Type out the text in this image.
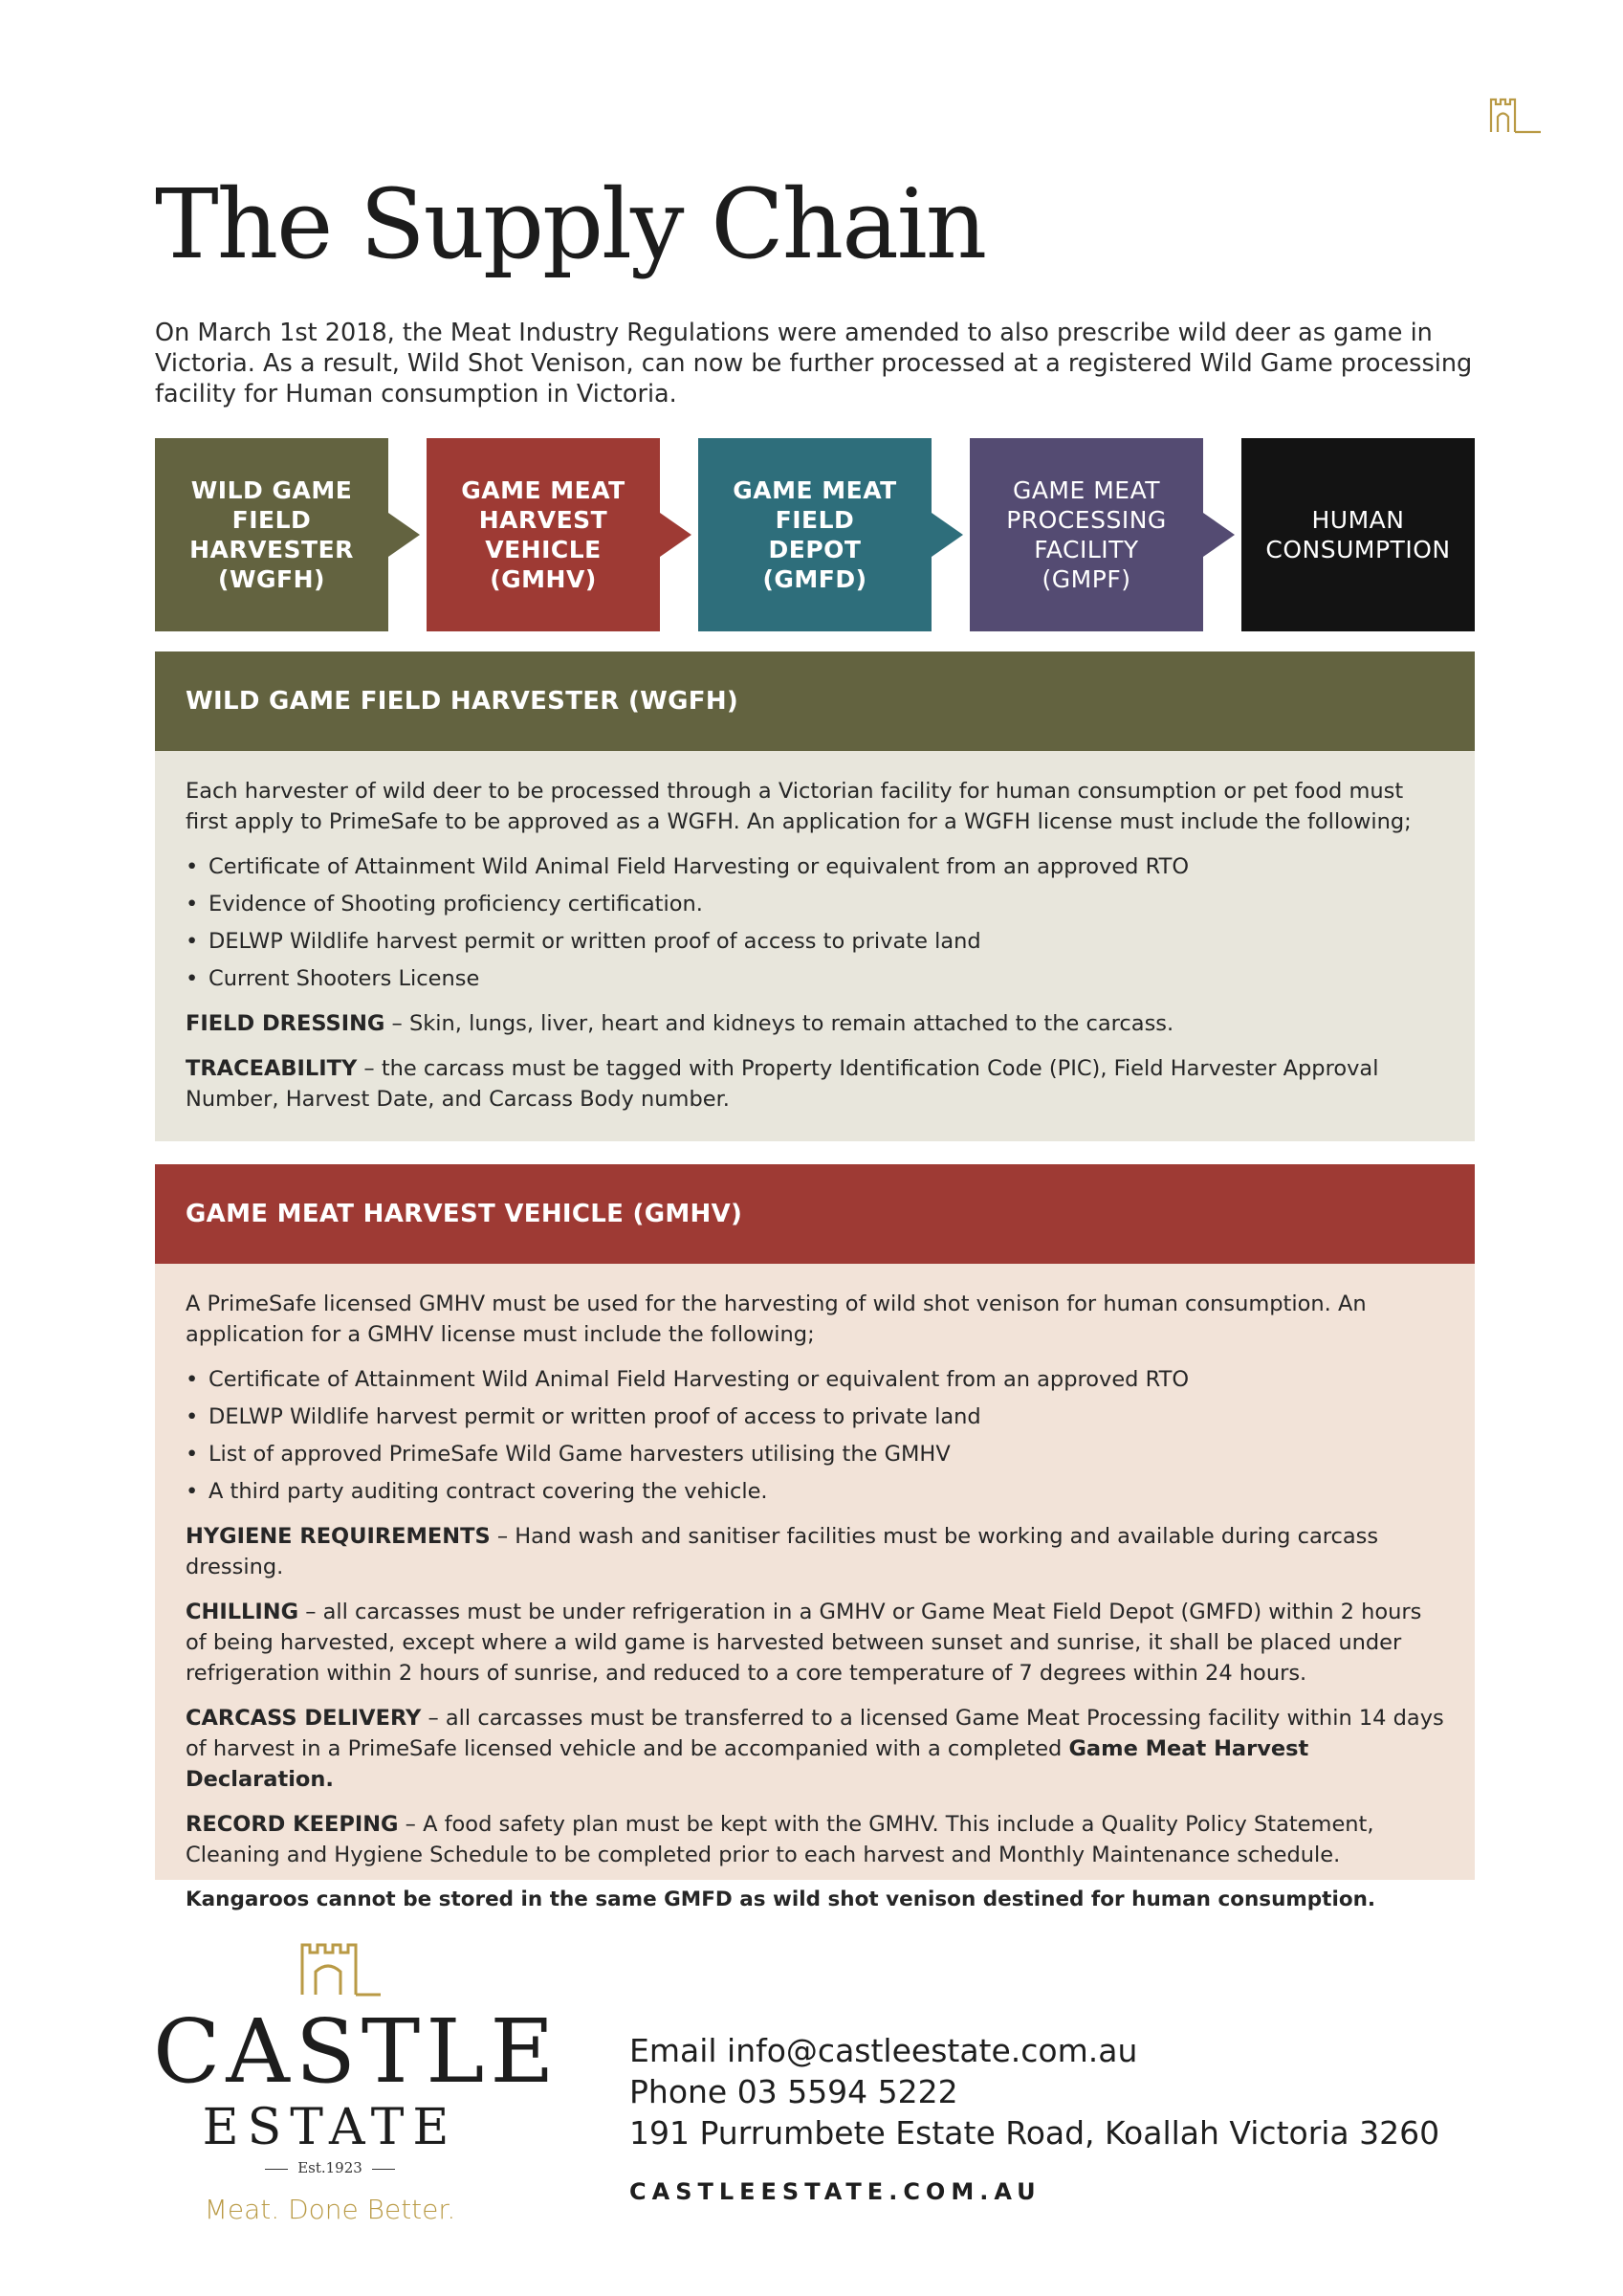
The Supply Chain

On March 1st 2018, the Meat Industry Regulations were amended to also prescribe wild deer as game in Victoria. As a result, Wild Shot Venison, can now be further processed at a registered Wild Game processing facility for Human consumption in Victoria.

WILD GAME
FIELD
HARVESTER
(WGFH)
GAME MEAT
HARVEST
VEHICLE
(GMHV)
GAME MEAT
FIELD
DEPOT
(GMFD)
GAME MEAT
PROCESSING
FACILITY
(GMPF)
HUMAN
CONSUMPTION
WILD GAME FIELD HARVESTER (WGFH)

Each harvester of wild deer to be processed through a Victorian facility for human consumption or pet food must first apply to PrimeSafe to be approved as a WGFH. An application for a WGFH license must include the following;

• Certificate of Attainment Wild Animal Field Harvesting or equivalent from an approved RTO
• Evidence of Shooting proficiency certification.
• DELWP Wildlife harvest permit or written proof of access to private land
• Current Shooters License

FIELD DRESSING – Skin, lungs, liver, heart and kidneys to remain attached to the carcass.

TRACEABILITY – the carcass must be tagged with Property Identification Code (PIC), Field Harvester Approval Number, Harvest Date, and Carcass Body number.

GAME MEAT HARVEST VEHICLE (GMHV)

A PrimeSafe licensed GMHV must be used for the harvesting of wild shot venison for human consumption. An application for a GMHV license must include the following;

• Certificate of Attainment Wild Animal Field Harvesting or equivalent from an approved RTO
• DELWP Wildlife harvest permit or written proof of access to private land
• List of approved PrimeSafe Wild Game harvesters utilising the GMHV
• A third party auditing contract covering the vehicle.

HYGIENE REQUIREMENTS – Hand wash and sanitiser facilities must be working and available during carcass dressing.

CHILLING – all carcasses must be under refrigeration in a GMHV or Game Meat Field Depot (GMFD) within 2 hours of being harvested, except where a wild game is harvested between sunset and sunrise, it shall be placed under refrigeration within 2 hours of sunrise, and reduced to a core temperature of 7 degrees within 24 hours.

CARCASS DELIVERY – all carcasses must be transferred to a licensed Game Meat Processing facility within 14 days of harvest in a PrimeSafe licensed vehicle and be accompanied with a completed Game Meat Harvest Declaration.

RECORD KEEPING – A food safety plan must be kept with the GMHV. This include a Quality Policy Statement, Cleaning and Hygiene Schedule to be completed prior to each harvest and Monthly Maintenance schedule.

Kangaroos cannot be stored in the same GMFD as wild shot venison destined for human consumption.

CASTLE
ESTATE
Est.1923
Meat. Done Better.
Email info@castleestate.com.au
Phone 03 5594 5222
191 Purrumbete Estate Road, Koallah Victoria 3260
CASTLEESTATE.COM.AU
